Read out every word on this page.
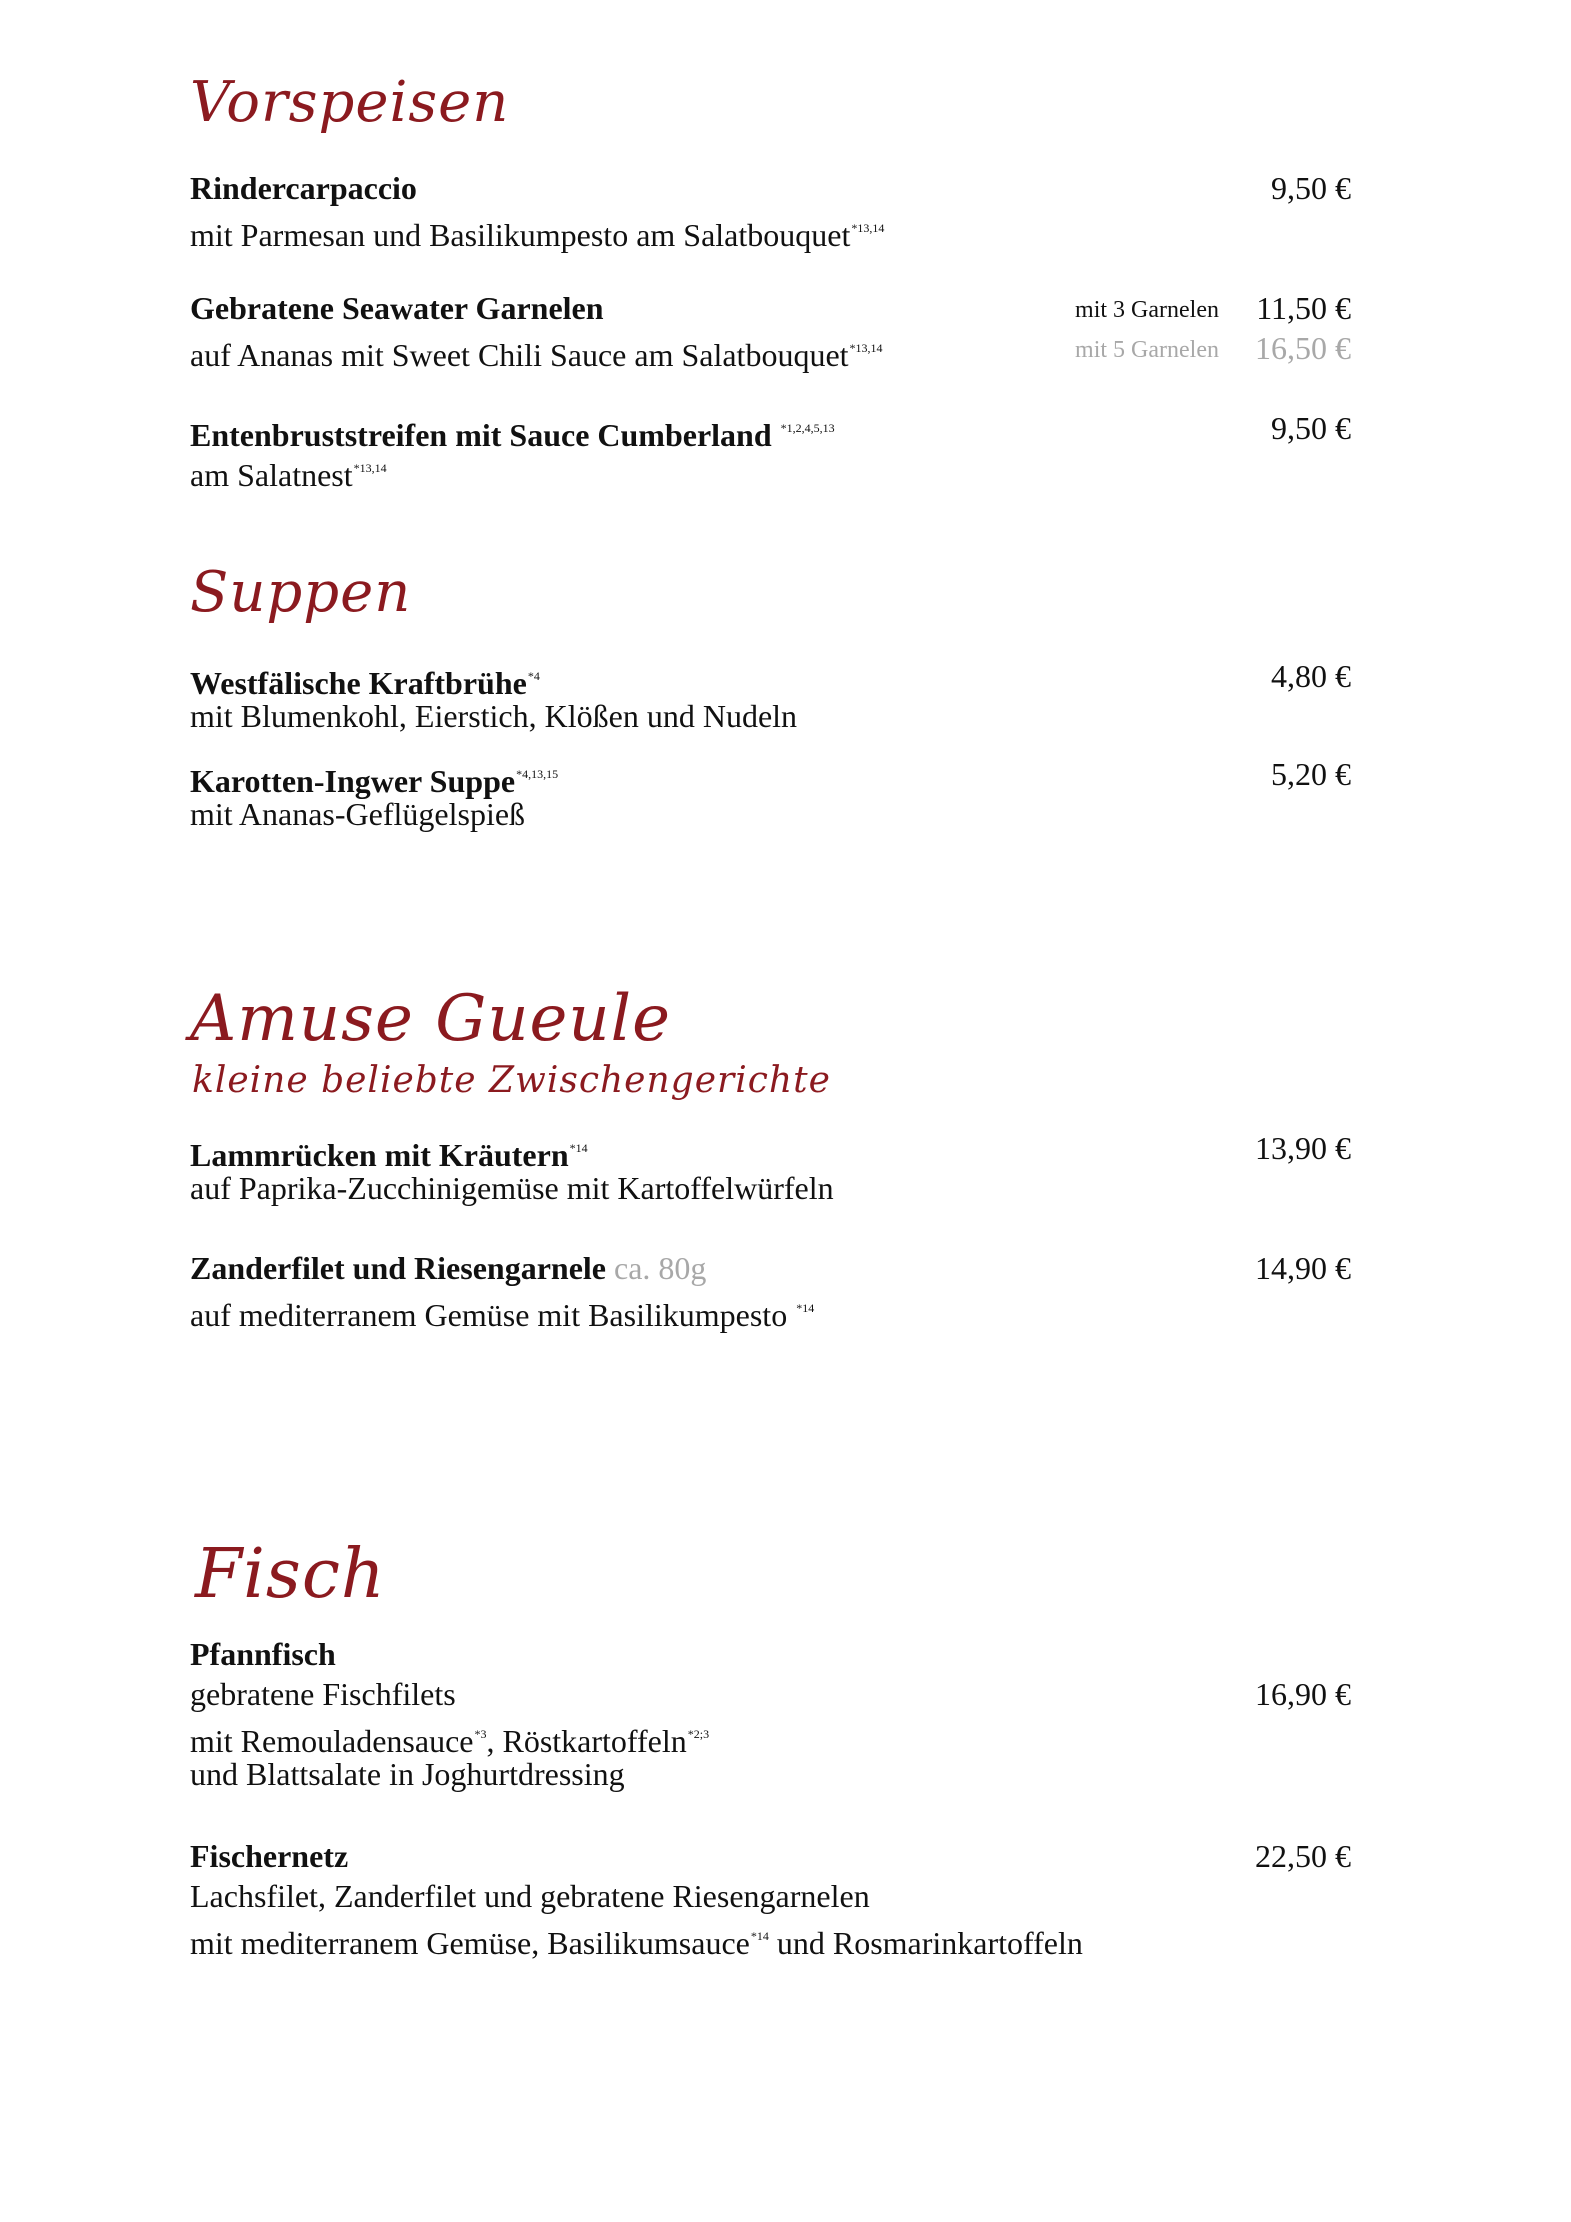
Vorspeisen
Rindercarpaccio	9,50 €
mit Parmesan und Basilikumpesto am Salatbouquet$^{*13,14}$
Gebratene Seawater Garnelen	mit 3 Garnelen 11,50 €
auf Ananas mit Sweet Chili Sauce am Salatbouquet$^{*13,14}$	mit 5 Garnelen 16,50 €
Entenbruststreifen mit Sauce Cumberland $^{*1,2,4,5,13}$	9,50 €
am Salatnest$^{*13,14}$
Suppen
Westfälische Kraftbrühe$^{*4}$	4,80 €
mit Blumenkohl, Eierstich, Klößen und Nudeln
Karotten-Ingwer Suppe$^{*4,13,15}$	5,20 €
mit Ananas-Geflügelspieß
Amuse Gueule
kleine beliebte Zwischengerichte
Lammrücken mit Kräutern$^{*14}$	13,90 €
auf Paprika-Zucchinigemüse mit Kartoffelwürfeln
Zanderfilet und Riesengarnele ca. 80g	14,90 €
auf mediterranem Gemüse mit Basilikumpesto $^{*14}$
Fisch
Pfannfisch
gebratene Fischfilets	16,90 €
mit Remouladensauce$^{*3}$, Röstkartoffeln$^{*2;3}$
und Blattsalate in Joghurtdressing
Fischernetz	22,50 €
Lachsfilet, Zanderfilet und gebratene Riesengarnelen
mit mediterranem Gemüse, Basilikumsauce$^{*14}$ und Rosmarinkartoffeln
